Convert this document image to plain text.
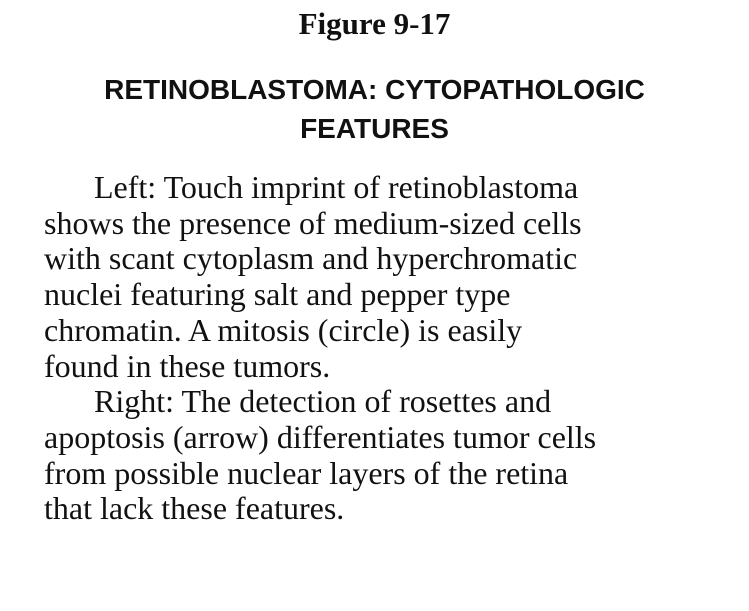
Figure 9-17
RETINOBLASTOMA: CYTOPATHOLOGIC
FEATURES

Left: Touch imprint of retinoblastoma
shows the presence of medium-sized cells
with scant cytoplasm and hyperchromatic
nuclei featuring salt and pepper type
chromatin. A mitosis (circle) is easily
found in these tumors.

Right: The detection of rosettes and
apoptosis (arrow) differentiates tumor cells
from possible nuclear layers of the retina
that lack these features.
